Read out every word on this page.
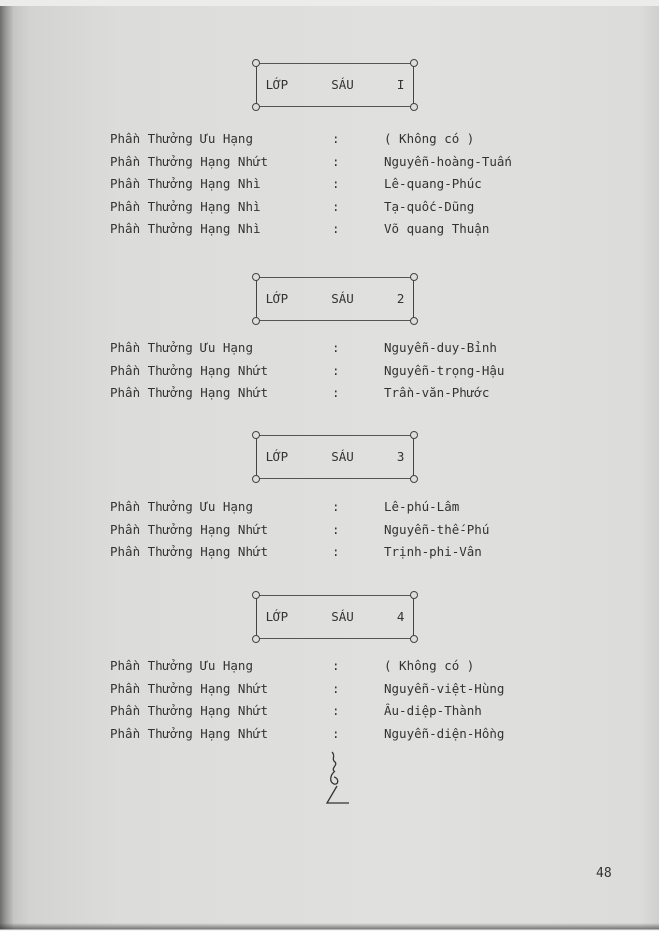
LỚP  SÁU  I
Phần Thưởng Ưu Hạng	:	( Không có )
Phần Thưởng Hạng Nhứt	:	Nguyễn-hoàng-Tuấn
Phần Thưởng Hạng Nhì	:	Lê-quang-Phúc
Phần Thưởng Hạng Nhì	:	Tạ-quốc-Dũng
Phần Thưởng Hạng Nhì	:	Võ quang Thuận
LỚP  SÁU  2
Phần Thưởng Ưu Hạng	:	Nguyễn-duy-Bỉnh
Phần Thưởng Hạng Nhứt	:	Nguyễn-trọng-Hậu
Phần Thưởng Hạng Nhứt	:	Trần-văn-Phước
LỚP  SÁU  3
Phần Thưởng Ưu Hạng	:	Lê-phú-Lâm
Phần Thưởng Hạng Nhứt	:	Nguyễn-thế-Phú
Phần Thưởng Hạng Nhứt	:	Trịnh-phi-Vân
LỚP  SÁU  4
Phần Thưởng Ưu Hạng	:	( Không có )
Phần Thưởng Hạng Nhứt	:	Nguyễn-việt-Hùng
Phần Thưởng Hạng Nhứt	:	Âu-diệp-Thành
Phần Thưởng Hạng Nhứt	:	Nguyễn-diện-Hồng
48
